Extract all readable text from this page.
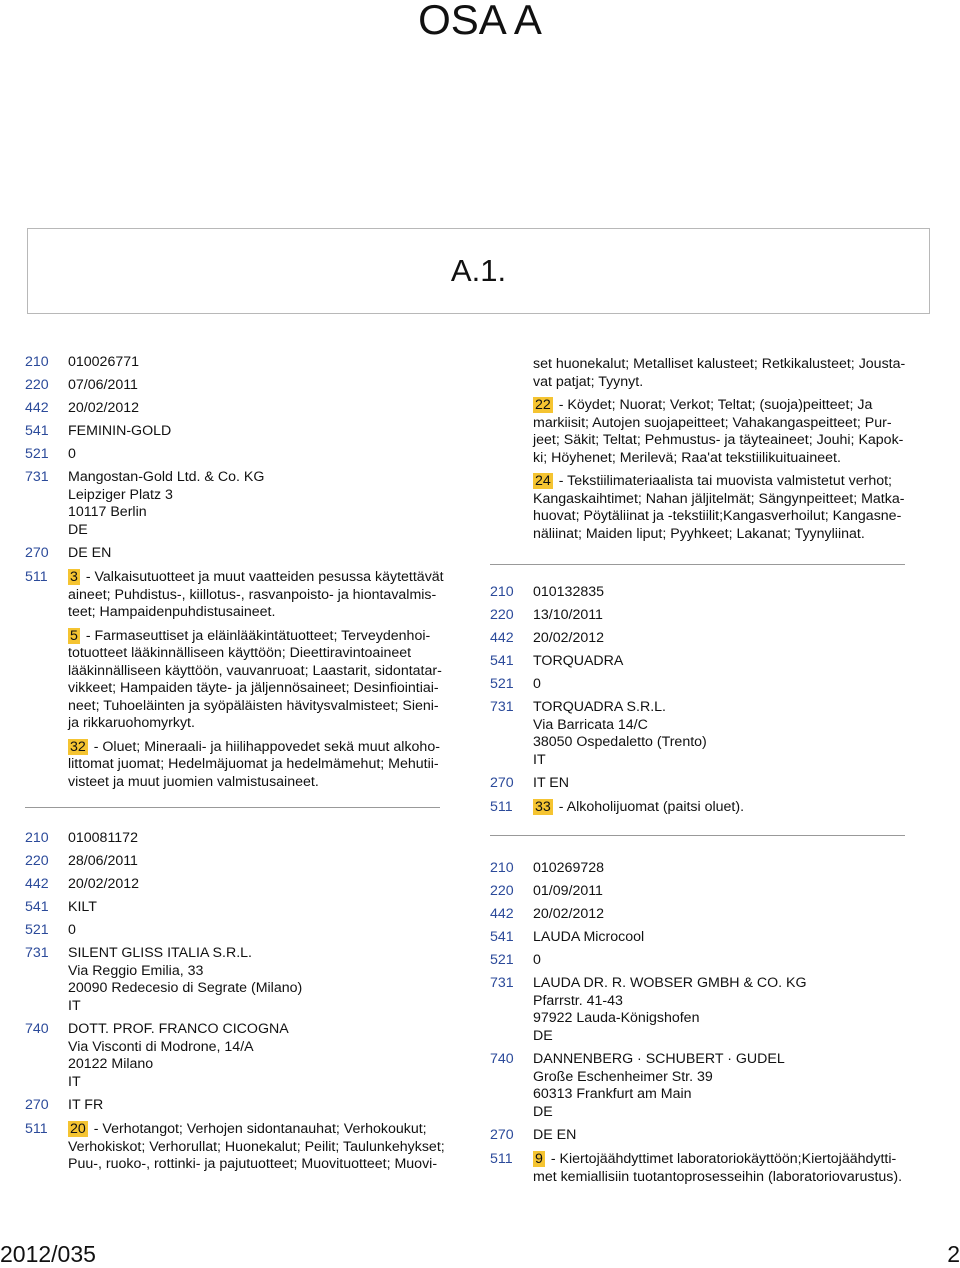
OSA A
A.1.
210	010026771
220	07/06/2011
442	20/02/2012
541	FEMININ-GOLD
521	0
731	Mangostan-Gold Ltd. & Co. KG
Leipziger Platz 3
10117 Berlin
DE
270	DE EN
511	3 - Valkaisutuotteet ja muut vaatteiden pesussa käytettävät
aineet; Puhdistus-, kiillotus-, rasvanpoisto- ja hiontavalmis-
teet; Hampaidenpuhdistusaineet.
5 - Farmaseuttiset ja eläinlääkintätuotteet; Terveydenhoi-
totuotteet lääkinnälliseen käyttöön; Dieettiravintoaineet
lääkinnälliseen käyttöön, vauvanruoat; Laastarit, sidontatar-
vikkeet; Hampaiden täyte- ja jäljennösaineet; Desinfiointiai-
neet; Tuhoeläinten ja syöpäläisten hävitysvalmisteet; Sieni-
ja rikkaruohomyrkyt.
32 - Oluet; Mineraali- ja hiilihappovedet sekä muut alkoho-
littomat juomat; Hedelmäjuomat ja hedelmämehut; Mehutii-
visteet ja muut juomien valmistusaineet.
210	010081172
220	28/06/2011
442	20/02/2012
541	KILT
521	0
731	SILENT GLISS ITALIA S.R.L.
Via Reggio Emilia, 33
20090 Redecesio di Segrate (Milano)
IT
740	DOTT. PROF. FRANCO CICOGNA
Via Visconti di Modrone, 14/A
20122 Milano
IT
270	IT FR
511	20 - Verhotangot; Verhojen sidontanauhat; Verhokoukut;
Verhokiskot; Verhorullat; Huonekalut; Peilit; Taulunkehykset;
Puu-, ruoko-, rottinki- ja pajutuotteet; Muovituotteet; Muovi-
set huonekalut; Metalliset kalusteet; Retkikalusteet; Jousta-
vat patjat; Tyynyt.
22 - Köydet; Nuorat; Verkot; Teltat; (suoja)peitteet; Ja
markiisit; Autojen suojapeitteet; Vahakangaspeitteet; Pur-
jeet; Säkit; Teltat; Pehmustus- ja täyteaineet; Jouhi; Kapok-
ki; Höyhenet; Merilevä; Raa'at tekstiilikuituaineet.
24 - Tekstiilimateriaalista tai muovista valmistetut verhot;
Kangaskaihtimet; Nahan jäljitelmät; Sängynpeitteet; Matka-
huovat; Pöytäliinat ja -tekstiilit;Kangasverhoilut; Kangasne-
näliinat; Maiden liput; Pyyhkeet; Lakanat; Tyynyliinat.
210	010132835
220	13/10/2011
442	20/02/2012
541	TORQUADRA
521	0
731	TORQUADRA S.R.L.
Via Barricata 14/C
38050 Ospedaletto (Trento)
IT
270	IT EN
511	33 - Alkoholijuomat (paitsi oluet).
210	010269728
220	01/09/2011
442	20/02/2012
541	LAUDA Microcool
521	0
731	LAUDA DR. R. WOBSER GMBH & CO. KG
Pfarrstr. 41-43
97922 Lauda-Königshofen
DE
740	DANNENBERG · SCHUBERT · GUDEL
Große Eschenheimer Str. 39
60313 Frankfurt am Main
DE
270	DE EN
511	9 - Kiertojäähdyttimet laboratoriokäyttöön;Kiertojäähdytti-
met kemiallisiin tuotantoprosesseihin (laboratoriovarustus).
2012/035	2
